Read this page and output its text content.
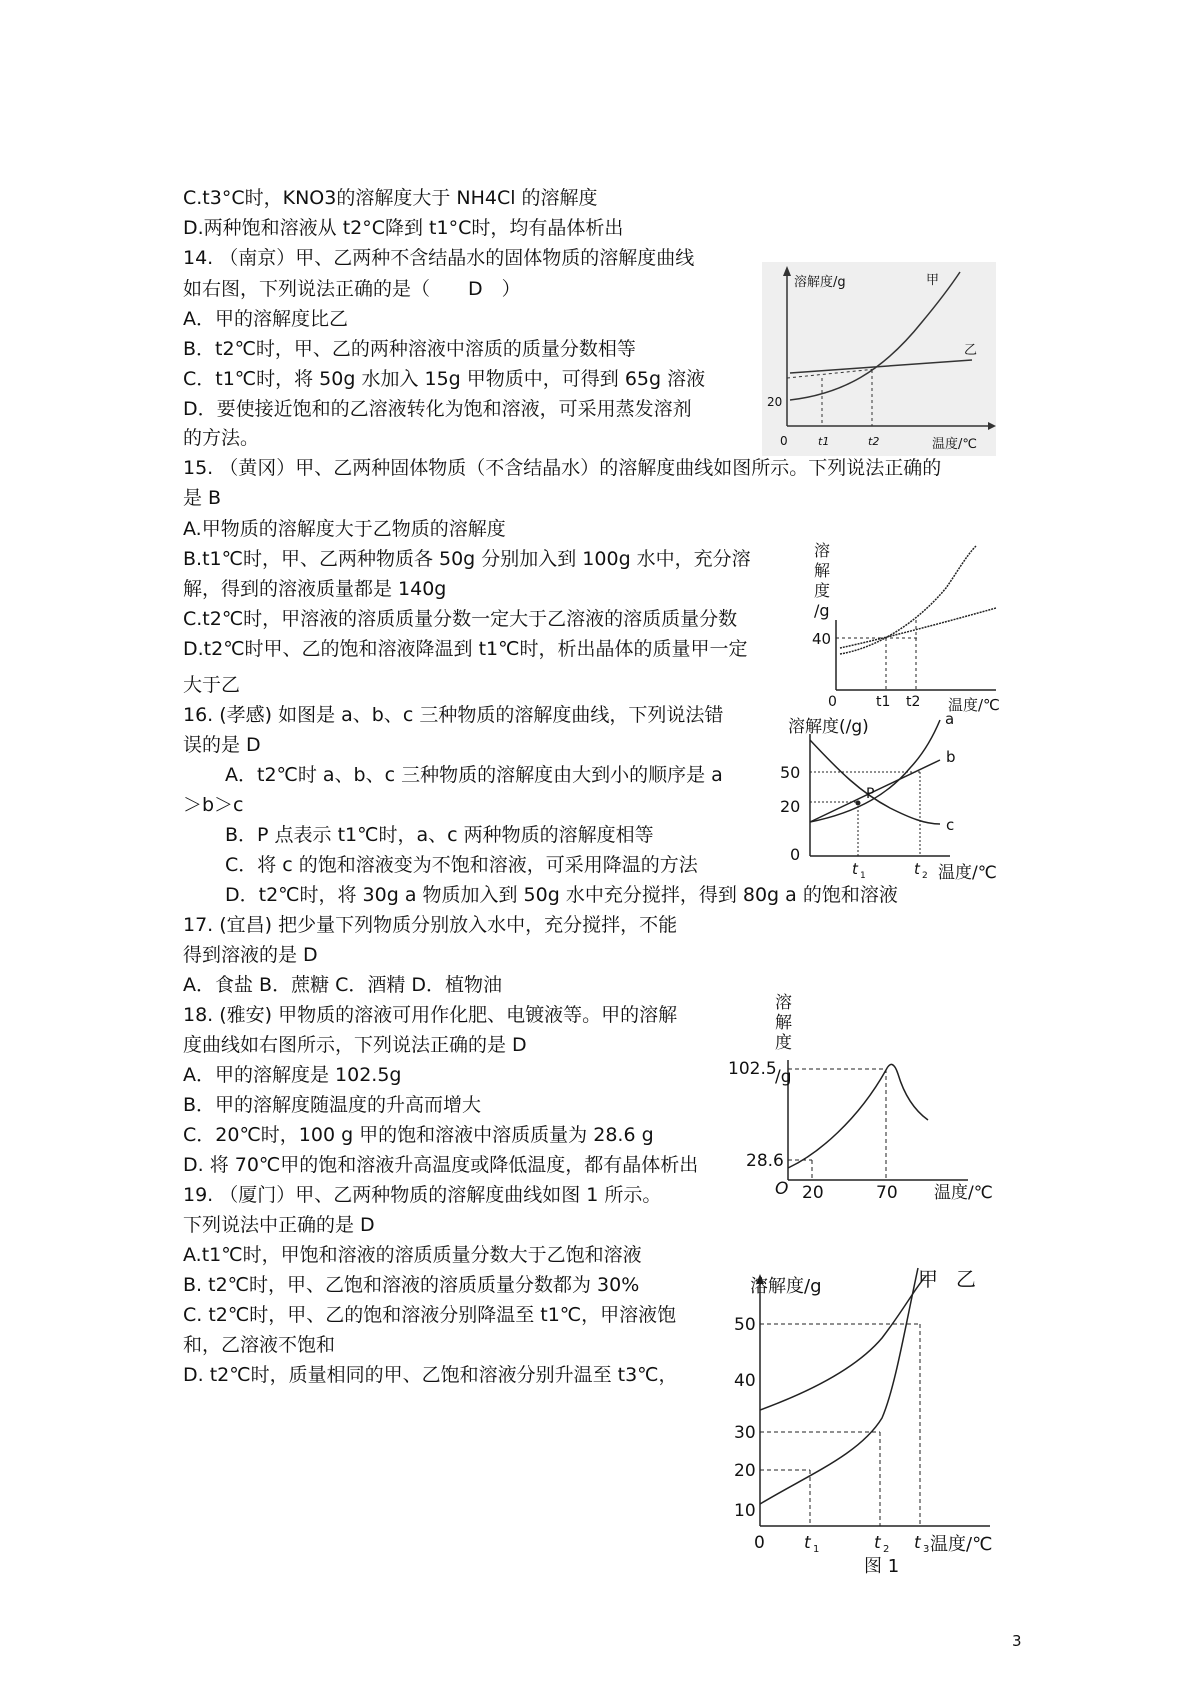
C.t3°C时，KNO3的溶解度大于 NH4Cl 的溶解度
D.两种饱和溶液从 t2°C降到 t1°C时，均有晶体析出
14. （南京）甲、乙两种不含结晶水的固体物质的溶解度曲线
如右图，下列说法正确的是（　　D　）
A．甲的溶解度比乙
B．t2℃时，甲、乙的两种溶液中溶质的质量分数相等
C．t1℃时，将 50g 水加入 15g 甲物质中，可得到 65g 溶液
D．要使接近饱和的乙溶液转化为饱和溶液，可采用蒸发溶剂
的方法。
15. （黄冈）甲、乙两种固体物质（不含结晶水）的溶解度曲线如图所示。下列说法正确的
是 B
A.甲物质的溶解度大于乙物质的溶解度
B.t1℃时，甲、乙两种物质各 50g 分别加入到 100g 水中，充分溶
解，得到的溶液质量都是 140g
C.t2℃时，甲溶液的溶质质量分数一定大于乙溶液的溶质质量分数
D.t2℃时甲、乙的饱和溶液降温到 t1℃时，析出晶体的质量甲一定
大于乙
16. (孝感) 如图是 a、b、c 三种物质的溶解度曲线，下列说法错
误的是 D
A．t2℃时 a、b、c 三种物质的溶解度由大到小的顺序是 a
＞b＞c
B．P 点表示 t1℃时，a、c 两种物质的溶解度相等
C．将 c 的饱和溶液变为不饱和溶液，可采用降温的方法
D．t2℃时，将 30g a 物质加入到 50g 水中充分搅拌，得到 80g a 的饱和溶液
17. (宜昌) 把少量下列物质分别放入水中，充分搅拌，不能
得到溶液的是 D
A．食盐 B．蔗糖 C．酒精 D．植物油
18. (雅安) 甲物质的溶液可用作化肥、电镀液等。甲的溶解
度曲线如右图所示，下列说法正确的是 D
A．甲的溶解度是 102.5g
B．甲的溶解度随温度的升高而增大
C．20℃时，100 g 甲的饱和溶液中溶质质量为 28.6 g
D. 将 70℃甲的饱和溶液升高温度或降低温度，都有晶体析出
19. （厦门）甲、乙两种物质的溶解度曲线如图 1 所示。
下列说法中正确的是 D
A.t1℃时，甲饱和溶液的溶质质量分数大于乙饱和溶液
B. t2℃时，甲、乙饱和溶液的溶质质量分数都为 30%
C. t2℃时，甲、乙的饱和溶液分别降温至 t1℃，甲溶液饱
和，乙溶液不饱和
D. t2℃时，质量相同的甲、乙饱和溶液分别升温至 t3℃，
溶解度/g	甲
乙
20
0	t1	t2	温度/℃
溶
解
度
/g
40
0	t1 t2 温度/℃
溶解度(/g)
50
20
0
P
a
b
c
t 1	t 2 温度/℃
溶
解
度
/g
102.5
28.6
O 20	70 温度/℃
溶解度/g	甲 乙
50
40
30
20
10
0 t 1	t 2 t 3 温度/℃
图 1
3
